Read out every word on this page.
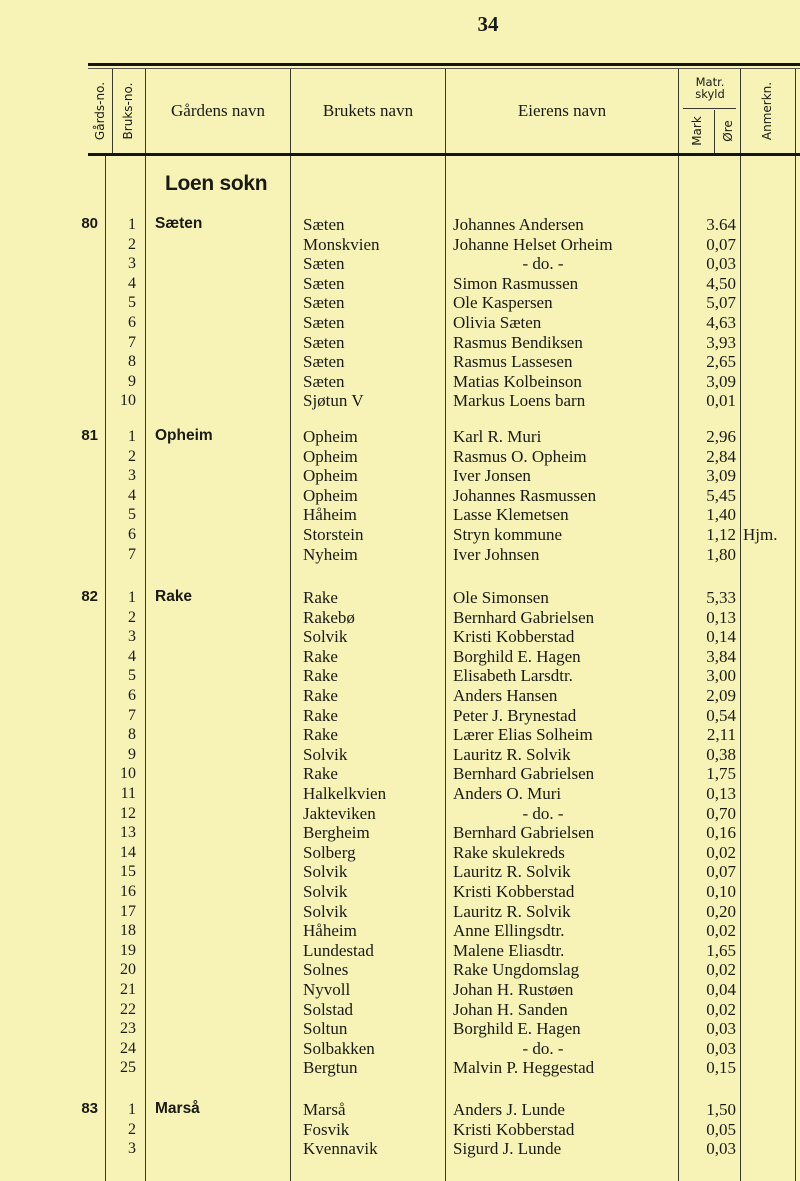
34
Gårds-no. Bruks-no.	Gårdens navn	Brukets navn	Eierens navn
Matr. skyld
Mark Øre Anmerkn.
Loen sokn
80	Sæten
1	Sæten	Johannes Andersen	3.64
2	Monskvien	Johanne Helset Orheim	0,07
3	Sæten	- do. -	0,03
4	Sæten	Simon Rasmussen	4,50
5	Sæten	Ole Kaspersen	5,07
6	Sæten	Olivia Sæten	4,63
7	Sæten	Rasmus Bendiksen	3,93
8	Sæten	Rasmus Lassesen	2,65
9	Sæten	Matias Kolbeinson	3,09
10	Sjøtun V	Markus Loens barn	0,01
81	Opheim
1	Opheim	Karl R. Muri	2,96
2	Opheim	Rasmus O. Opheim	2,84
3	Opheim	Iver Jonsen	3,09
4	Opheim	Johannes Rasmussen	5,45
5	Håheim	Lasse Klemetsen	1,40
6	Storstein	Stryn kommune	1,12 Hjm.
7	Nyheim	Iver Johnsen	1,80
82	Rake
1	Rake	Ole Simonsen	5,33
2	Rakebø	Bernhard Gabrielsen	0,13
3	Solvik	Kristi Kobberstad	0,14
4	Rake	Borghild E. Hagen	3,84
5	Rake	Elisabeth Larsdtr.	3,00
6	Rake	Anders Hansen	2,09
7	Rake	Peter J. Brynestad	0,54
8	Rake	Lærer Elias Solheim	2,11
9	Solvik	Lauritz R. Solvik	0,38
10	Rake	Bernhard Gabrielsen	1,75
11	Halkelkvien	Anders O. Muri	0,13
12	Jakteviken	- do. -	0,70
13	Bergheim	Bernhard Gabrielsen	0,16
14	Solberg	Rake skulekreds	0,02
15	Solvik	Lauritz R. Solvik	0,07
16	Solvik	Kristi Kobberstad	0,10
17	Solvik	Lauritz R. Solvik	0,20
18	Håheim	Anne Ellingsdtr.	0,02
19	Lundestad	Malene Eliasdtr.	1,65
20	Solnes	Rake Ungdomslag	0,02
21	Nyvoll	Johan H. Rustøen	0,04
22	Solstad	Johan H. Sanden	0,02
23	Soltun	Borghild E. Hagen	0,03
24	Solbakken	- do. -	0,03
25	Bergtun	Malvin P. Heggestad	0,15
83	Marså
1	Marså	Anders J. Lunde	1,50
2	Fosvik	Kristi Kobberstad	0,05
3	Kvennavik	Sigurd J. Lunde	0,03
